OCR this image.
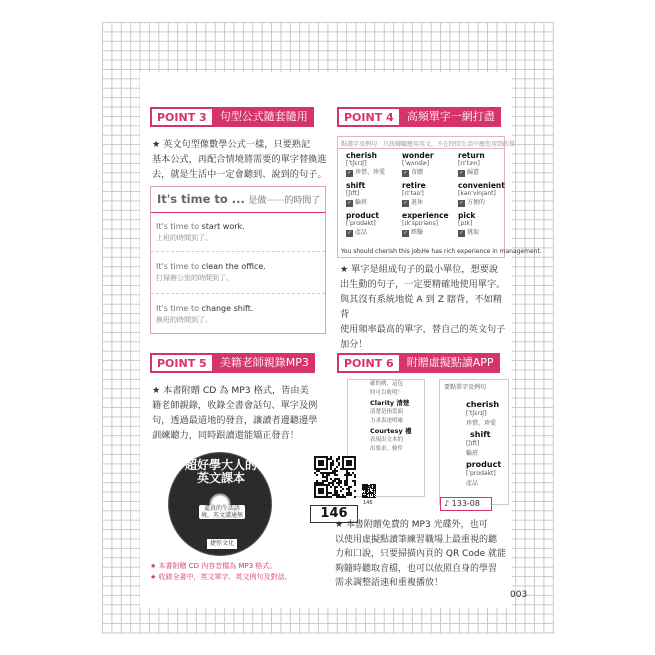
POINT 3	句型公式隨套隨用
★ 英文句型像數學公式一樣，只要熟記
基本公式，再配合情境將需要的單字替換進
去，就是生活中一定會聽到、說到的句子。
It's time to ... 是做⋯⋯的時間了
It's time to start work.
上班的時間到了。
It's time to clean the office.
打掃辦公室的時間到了。
It's time to change shift.
換班的時間到了。
POINT 4	高頻單字一網打盡
點選字及例句　只找轉職應用英文，不在時間生活中應您用到的單
cherish
[ˈtʃɛrɪʃ]
✓ 珍惜、珍愛
wonder
[ˈwʌndɚ]
✓ 奇蹟
return
[rɪˈtɝn]
✓ 歸還
shift
[ʃɪft]
✓ 輪班
retire
[rɪˈtaɪr]
✓ 退休
convenient
[kənˈvinjənt]
✓ 方便的
product
[ˈprɑdəkt]
✓ 產品
experience
[ɪkˈspɪriəns]
✓ 經驗
pick
[pɪk]
✓ 挑取
You should cherish this job. He has rich experience in management.
★ 單字是組成句子的最小單位，想要說
出生動的句子，一定要精確地使用單字。
與其沒有系統地從 A 到 Z 瞎背，不如精背
使用頻率最高的單字，替自己的英文句子
加分！
POINT 5	美籍老師親錄MP3
★ 本書附贈 CD 為 MP3 格式，皆由美
籍老師親錄，收錄全書會話句、單字及例
句，透過最道地的發音，讓讀者邊聽邊學
訓練聽力，同時跟讀還能矯正發音！
超好學大人的英文課本
逼真的生活語境，英文溝通無障礙！
捷徑文化
★ 本書附贈 CD 內容音檔為 MP3 格式。
★ 收錄全書中，英文單字、英文例句及對話。
POINT 6	附贈虛擬點讀APP
確的例，這包
時可以收明！
Clarity 清楚
清楚是指當面
力求表述明確
Courtesy 禮
表現出文本的
出要求、條件
要點單字及例句
cherish
[ˈtʃɛrɪʃ]
珍惜、珍愛
shift
[ʃɪft]
輪班
product
[ˈprɑdəkt]
產品
146
146
♪ 133-08
★ 本書附贈免費的 MP3 光碟外，也可
以使用虛擬點讀筆練習職場上最重視的聽
力和口說，只要掃描內頁的 QR Code 就能
夠隨時聽取音檔，也可以依照自身的學習
需求調整語速和重複播放！
003
